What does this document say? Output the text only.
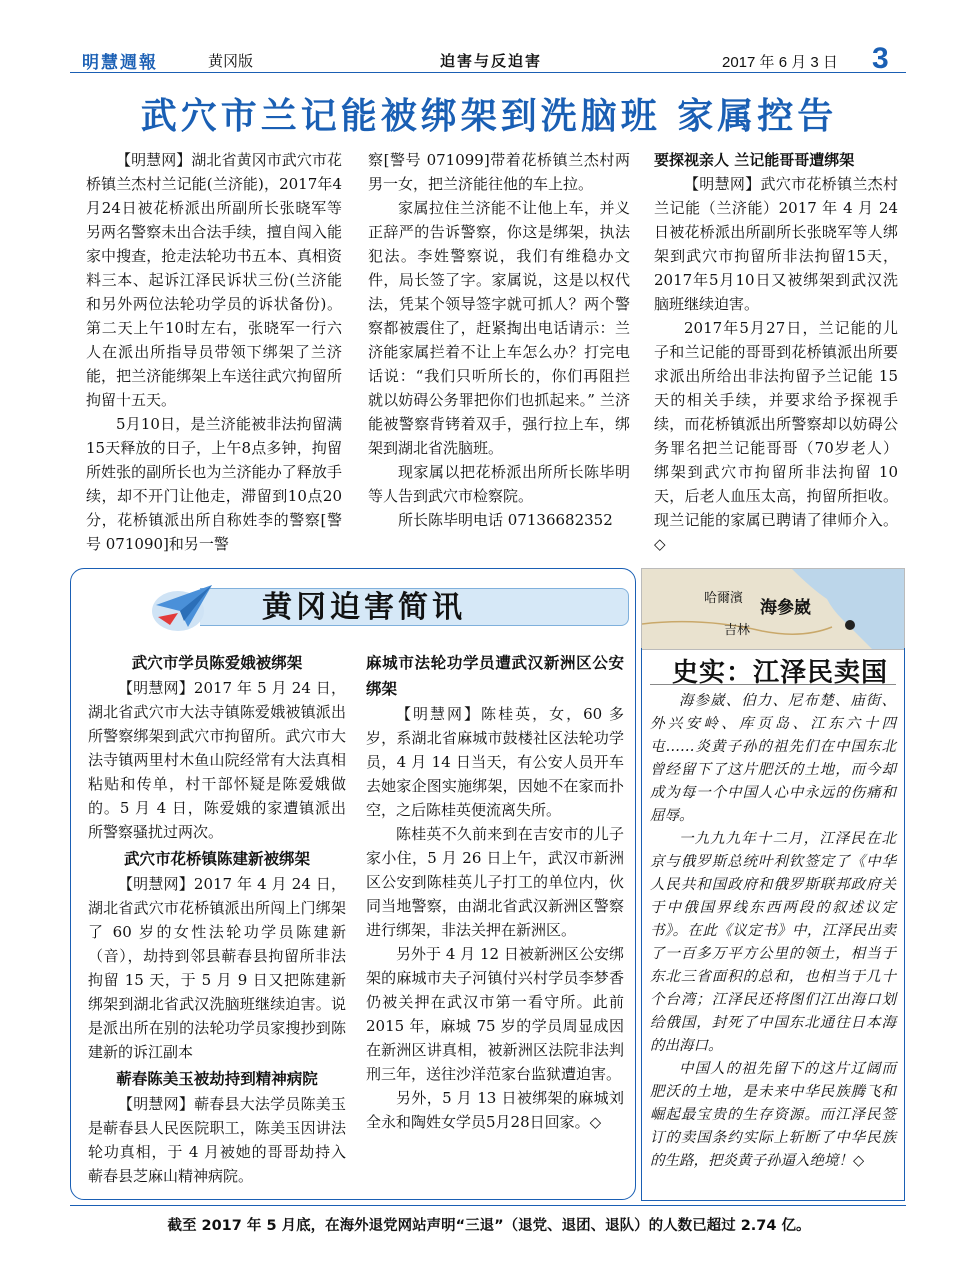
明慧週報	黄冈版	迫害与反迫害	2017 年 6 月 3 日 3
武穴市兰记能被绑架到洗脑班 家属控告

【明慧网】湖北省黄冈市武穴市花桥镇兰杰村兰记能(兰济能)，2017年4月24日被花桥派出所副所长张晓军等另两名警察未出合法手续，擅自闯入能家中搜查，抢走法轮功书五本、真相资料三本、起诉江泽民诉状三份(兰济能和另外两位法轮功学员的诉状备份)。第二天上午10时左右，张晓军一行六人在派出所指导员带领下绑架了兰济能，把兰济能绑架上车送往武穴拘留所拘留十五天。

5月10日，是兰济能被非法拘留满15天释放的日子，上午8点多钟，拘留所姓张的副所长也为兰济能办了释放手续，却不开门让他走，滞留到10点20分，花桥镇派出所自称姓李的警察[警号 071090]和另一警

察[警号 071099]带着花桥镇兰杰村两男一女，把兰济能往他的车上拉。

家属拉住兰济能不让他上车，并义正辞严的告诉警察，你这是绑架，执法犯法。李姓警察说，我们有维稳办文件，局长签了字。家属说，这是以权代法，凭某个领导签字就可抓人？两个警察都被震住了，赶紧掏出电话请示：兰济能家属拦着不让上车怎么办？打完电话说：“我们只听所长的，你们再阻拦就以妨碍公务罪把你们也抓起来。” 兰济能被警察背铐着双手，强行拉上车，绑架到湖北省洗脑班。

现家属以把花桥派出所所长陈毕明等人告到武穴市检察院。

所长陈毕明电话 07136682352

要探视亲人 兰记能哥哥遭绑架

【明慧网】武穴市花桥镇兰杰村兰记能（兰济能）2017 年 4 月 24 日被花桥派出所副所长张晓军等人绑架到武穴市拘留所非法拘留15天，2017年5月10日又被绑架到武汉洗脑班继续迫害。

2017年5月27日，兰记能的儿子和兰记能的哥哥到花桥镇派出所要求派出所给出非法拘留予兰记能 15 天的相关手续，并要求给予探视手续，而花桥镇派出所警察却以妨碍公务罪名把兰记能哥哥（70岁老人）绑架到武穴市拘留所非法拘留 10 天，后老人血压太高，拘留所拒收。现兰记能的家属已聘请了律师介入。◇

黄冈迫害简讯
武穴市学员陈爱娥被绑架

【明慧网】2017 年 5 月 24 日，湖北省武穴市大法寺镇陈爱娥被镇派出所警察绑架到武穴市拘留所。武穴市大法寺镇两里村木鱼山院经常有大法真相粘贴和传单，村干部怀疑是陈爱娥做的。5 月 4 日，陈爱娥的家遭镇派出所警察骚扰过两次。

武穴市花桥镇陈建新被绑架

【明慧网】2017 年 4 月 24 日，湖北省武穴市花桥镇派出所闯上门绑架了 60 岁的女性法轮功学员陈建新（音），劫持到邻县蕲春县拘留所非法拘留 15 天，于 5 月 9 日又把陈建新绑架到湖北省武汉洗脑班继续迫害。说是派出所在别的法轮功学员家搜抄到陈建新的诉江副本

蕲春陈美玉被劫持到精神病院

【明慧网】蕲春县大法学员陈美玉是蕲春县人民医院职工，陈美玉因讲法轮功真相，于 4 月被她的哥哥劫持入蕲春县芝麻山精神病院。

麻城市法轮功学员遭武汉新洲区公安绑架

【明慧网】陈桂英，女，60 多岁，系湖北省麻城市鼓楼社区法轮功学员，4 月 14 日当天，有公安人员开车去她家企图实施绑架，因她不在家而扑空，之后陈桂英便流离失所。

陈桂英不久前来到在吉安市的儿子家小住，5 月 26 日上午，武汉市新洲区公安到陈桂英儿子打工的单位内，伙同当地警察，由湖北省武汉新洲区警察进行绑架，非法关押在新洲区。

另外于 4 月 12 日被新洲区公安绑架的麻城市夫子河镇付兴村学员李梦香仍被关押在武汉市第一看守所。此前 2015 年，麻城 75 岁的学员周显成因在新洲区讲真相，被新洲区法院非法判刑三年，送往沙洋范家台监狱遭迫害。

另外，5 月 13 日被绑架的麻城刘全永和陶姓女学员5月28日回家。◇

哈爾濱 海參崴
吉林
史实：江泽民卖国

海参崴、伯力、尼布楚、庙街、外兴安岭、库页岛、江东六十四屯……炎黄子孙的祖先们在中国东北曾经留下了这片肥沃的土地，而今却成为每一个中国人心中永远的伤痛和屈辱。

一九九九年十二月，江泽民在北京与俄罗斯总统叶利钦签定了《中华人民共和国政府和俄罗斯联邦政府关于中俄国界线东西两段的叙述议定书》。在此《议定书》中，江泽民出卖了一百多万平方公里的领土，相当于东北三省面积的总和，也相当于几十个台湾；江泽民还将图们江出海口划给俄国，封死了中国东北通往日本海的出海口。

中国人的祖先留下的这片辽阔而肥沃的土地，是未来中华民族腾飞和崛起最宝贵的生存资源。而江泽民签订的卖国条约实际上斩断了中华民族的生路，把炎黄子孙逼入绝境！◇

截至 2017 年 5 月底，在海外退党网站声明“三退”（退党、退团、退队）的人数已超过 2.74 亿。
